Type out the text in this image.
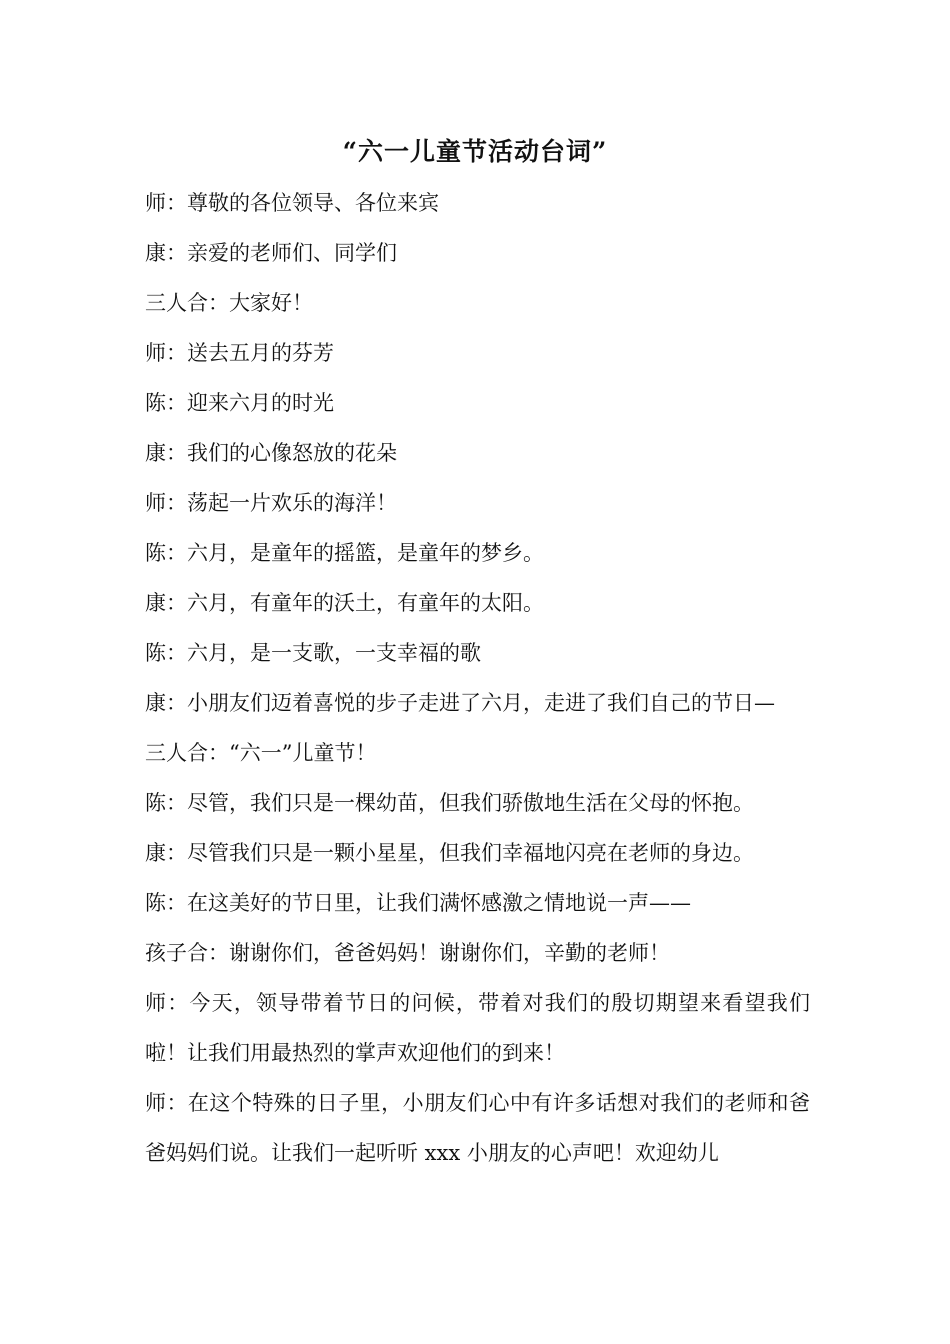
“六一儿童节活动台词”

师：尊敬的各位领导、各位来宾

康：亲爱的老师们、同学们

三人合：大家好！

师：送去五月的芬芳

陈：迎来六月的时光

康：我们的心像怒放的花朵

师：荡起一片欢乐的海洋！

陈：六月，是童年的摇篮，是童年的梦乡。

康：六月，有童年的沃土，有童年的太阳。

陈：六月，是一支歌，一支幸福的歌

康：小朋友们迈着喜悦的步子走进了六月，走进了我们自己的节日—

三人合：“六一”儿童节！

陈：尽管，我们只是一棵幼苗，但我们骄傲地生活在父母的怀抱。

康：尽管我们只是一颗小星星，但我们幸福地闪亮在老师的身边。

陈：在这美好的节日里，让我们满怀感激之情地说一声——

孩子合：谢谢你们，爸爸妈妈！谢谢你们，辛勤的老师！

师：今天，领导带着节日的问候，带着对我们的殷切期望来看望我们啦！让我们用最热烈的掌声欢迎他们的到来！

师：在这个特殊的日子里，小朋友们心中有许多话想对我们的老师和爸爸妈妈们说。让我们一起听听 xxx 小朋友的心声吧！欢迎幼儿
